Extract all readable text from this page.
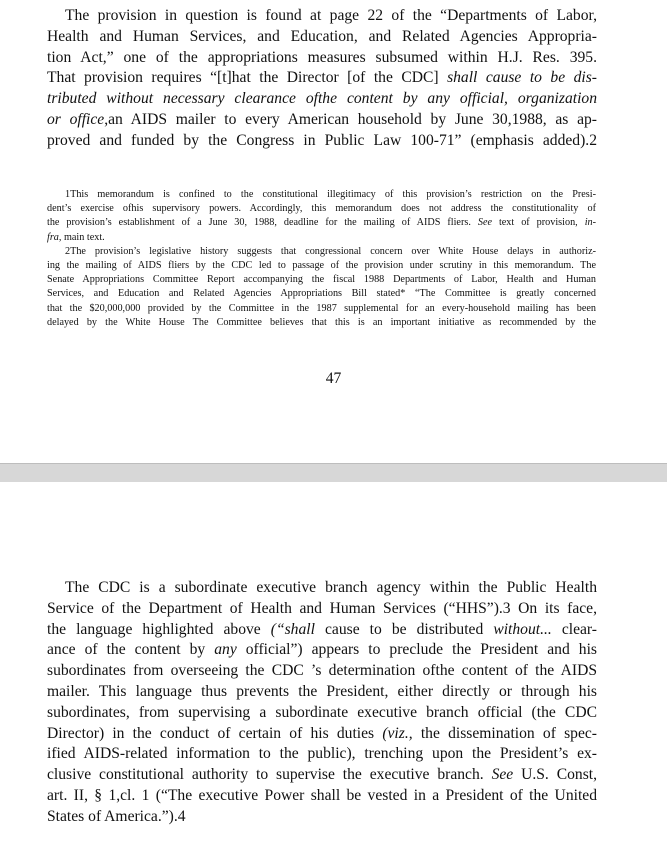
The provision in question is found at page 22 of the “Departments of Labor,
Health and Human Services, and Education, and Related Agencies Appropria-
tion Act,” one of the appropriations measures subsumed within H.J. Res. 395.
That provision requires “[t]hat the Director [of the CDC] shall cause to be dis-
tributed without necessary clearance ofthe content by any official, organization
or office,an AIDS mailer to every American household by June 30,1988, as ap-
proved and funded by the Congress in Public Law 100-71” (emphasis added).2
1This memorandum is confined to the constitutional illegitimacy of this provision’s restriction on the Presi-
dent’s exercise ofhis supervisory powers. Accordingly, this memorandum does not address the constitutionality of
the provision’s establishment of a June 30, 1988, deadline for the mailing of AIDS fliers. See text of provision, in-
fra, main text.
2The provision’s legislative history suggests that congressional concern over White House delays in authoriz-
ing the mailing of AIDS fliers by the CDC led to passage of the provision under scrutiny in this memorandum. The
Senate Appropriations Committee Report accompanying the fiscal 1988 Departments of Labor, Health and Human
Services, and Education and Related Agencies Appropriations Bill stated* “The Committee is greatly concerned
that the $20,000,000 provided by the Committee in the 1987 supplemental for an every-household mailing has been
delayed by the White House The Committee believes that this is an important initiative as recommended by the
47
The CDC is a subordinate executive branch agency within the Public Health
Service of the Department of Health and Human Services (“HHS”).3 On its face,
the language highlighted above (“shall cause to be distributed without... clear-
ance of the content by any official”) appears to preclude the President and his
subordinates from overseeing the CDC ’s determination ofthe content of the AIDS
mailer. This language thus prevents the President, either directly or through his
subordinates, from supervising a subordinate executive branch official (the CDC
Director) in the conduct of certain of his duties (viz., the dissemination of spec-
ified AIDS-related information to the public), trenching upon the President’s ex-
clusive constitutional authority to supervise the executive branch. See U.S. Const,
art. II, § 1,cl. 1 (“The executive Power shall be vested in a President of the United
States of America.”).4
